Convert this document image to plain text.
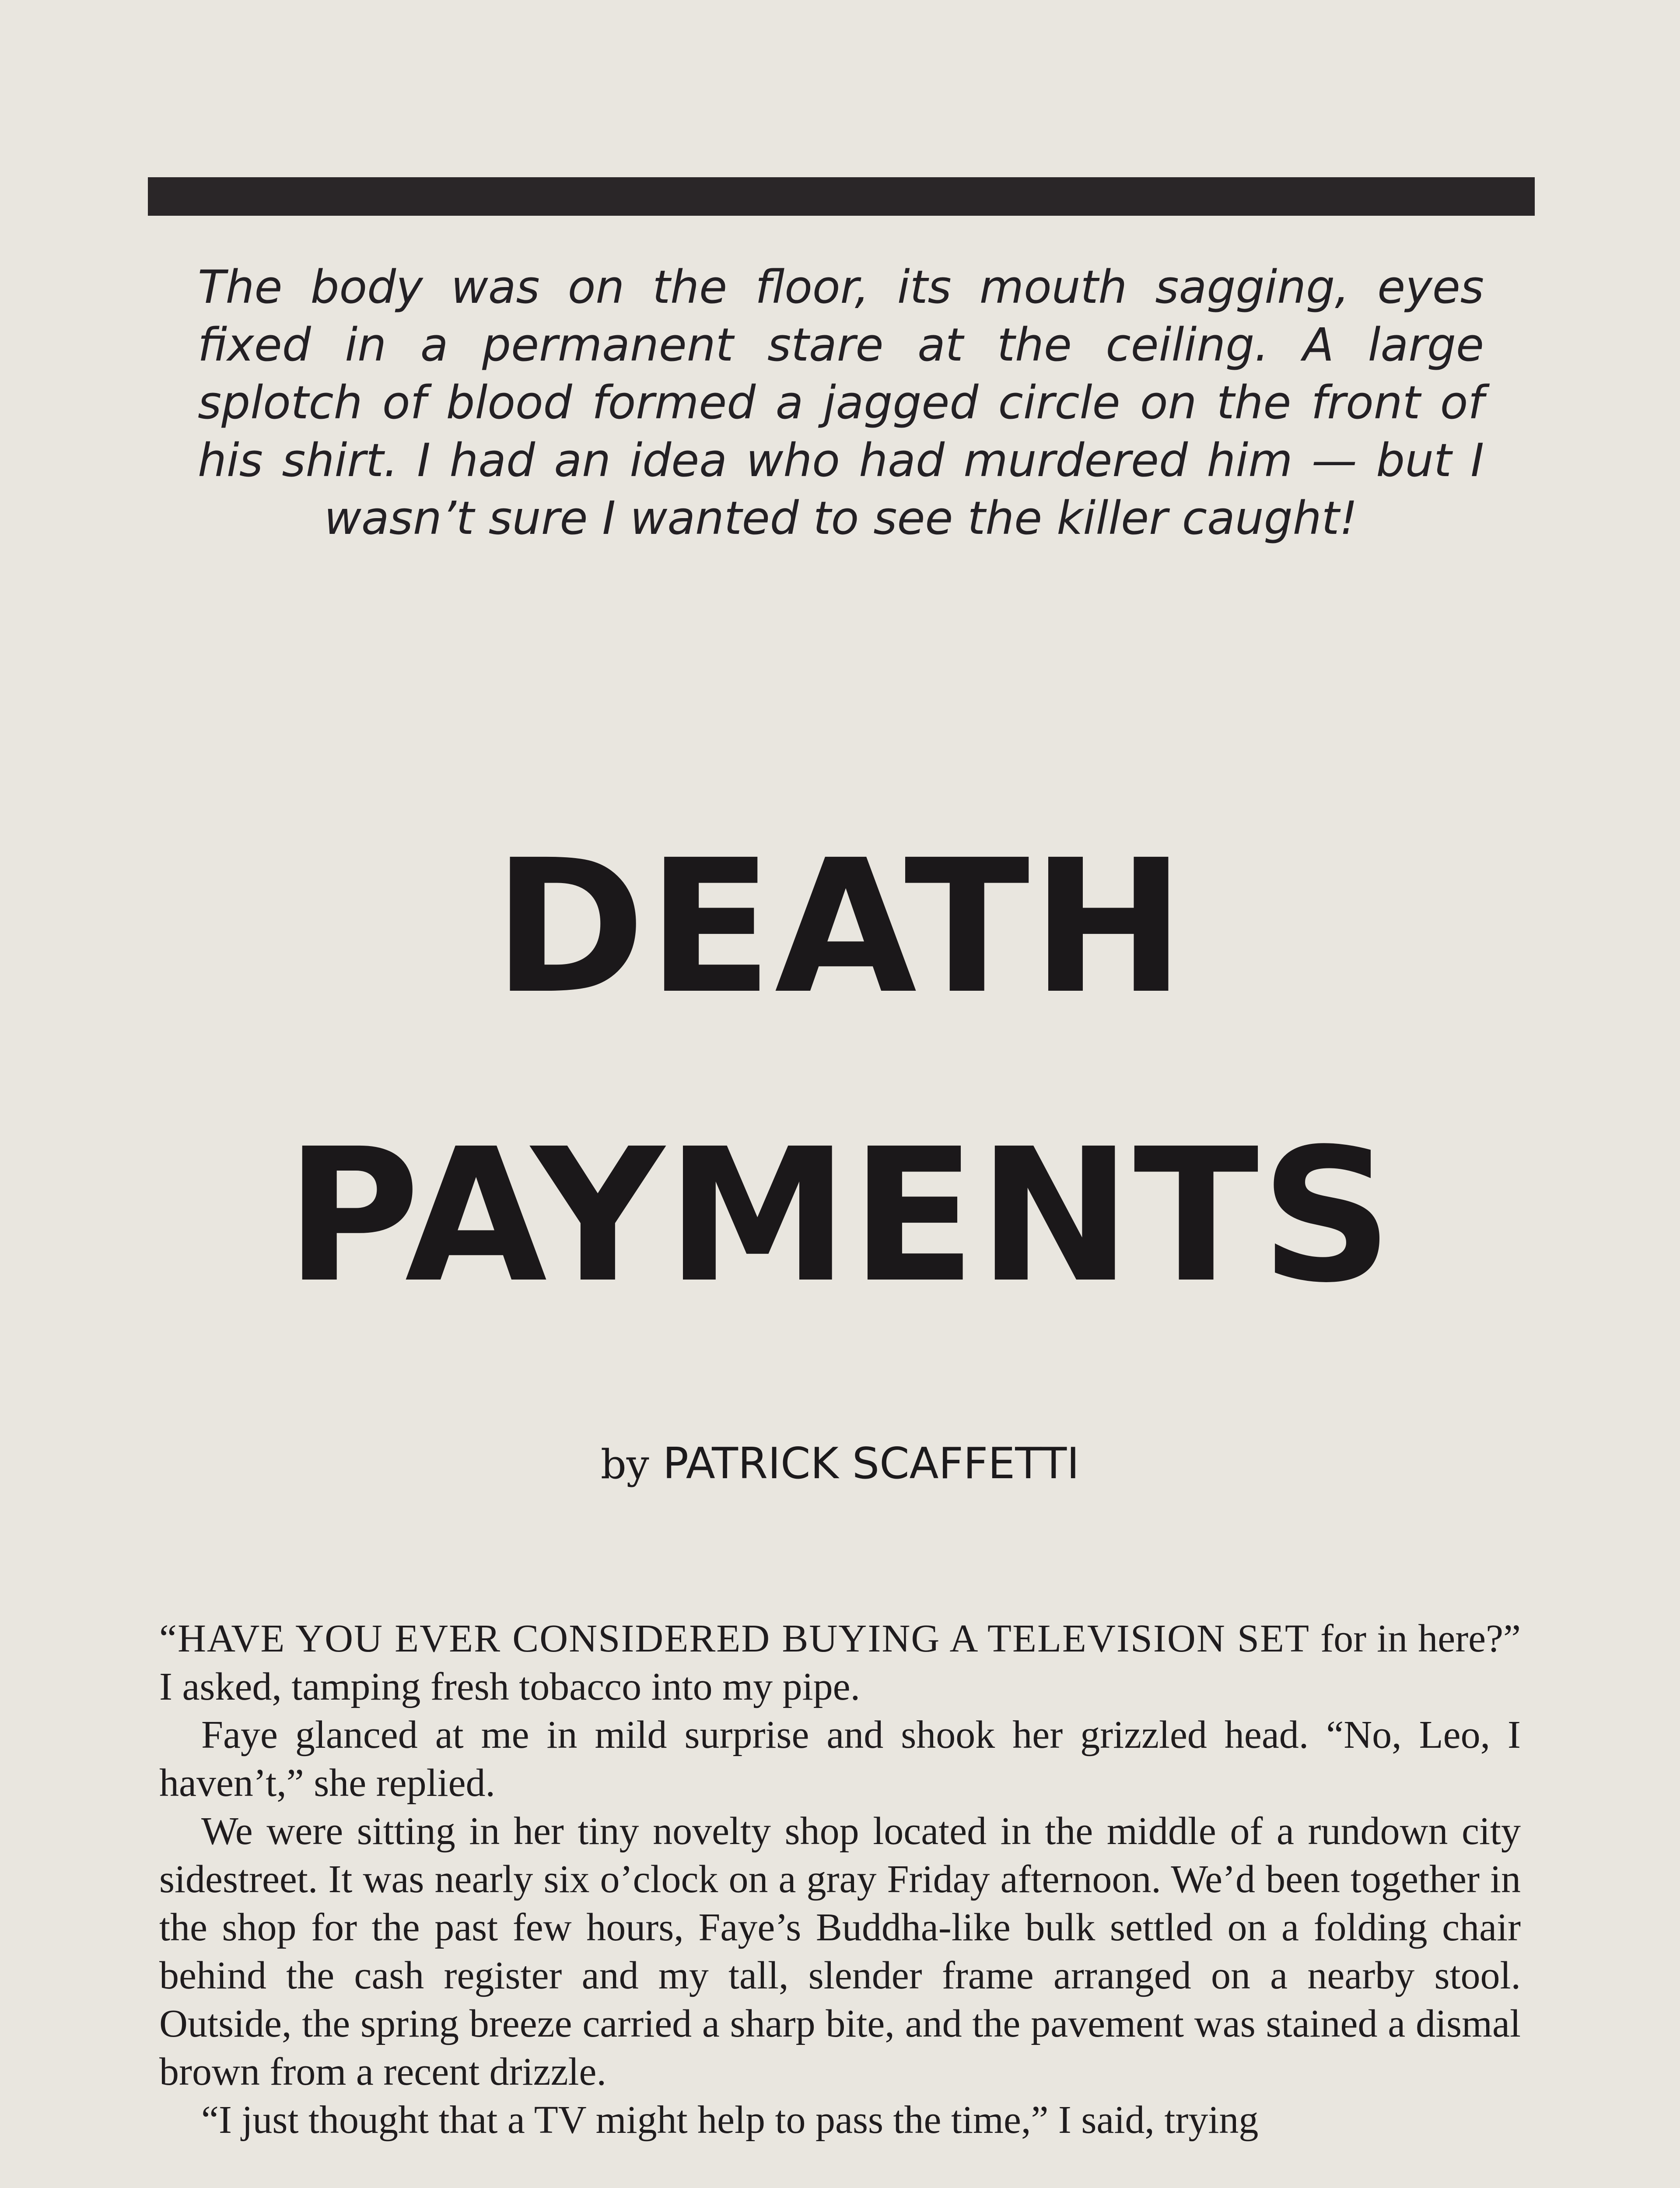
The body was on the floor, its mouth sagging, eyes fixed in a permanent stare at the ceiling. A large splotch of blood formed a jagged circle on the front of his shirt. I had an idea who had murdered him — but I wasn’t sure I wanted to see the killer caught!
DEATH
PAYMENTS
by PATRICK SCAFFETTI

“HAVE YOU EVER CONSIDERED BUYING A TELEVISION SET for in here?” I asked, tamping fresh tobacco into my pipe.

Faye glanced at me in mild surprise and shook her grizzled head. “No, Leo, I haven’t,” she replied.

We were sitting in her tiny novelty shop located in the middle of a rundown city sidestreet. It was nearly six o’clock on a gray Friday afternoon. We’d been together in the shop for the past few hours, Faye’s Buddha-like bulk settled on a folding chair behind the cash register and my tall, slender frame arranged on a nearby stool. Outside, the spring breeze carried a sharp bite, and the pavement was stained a dismal brown from a recent drizzle.

“I just thought that a TV might help to pass the time,” I said, trying
